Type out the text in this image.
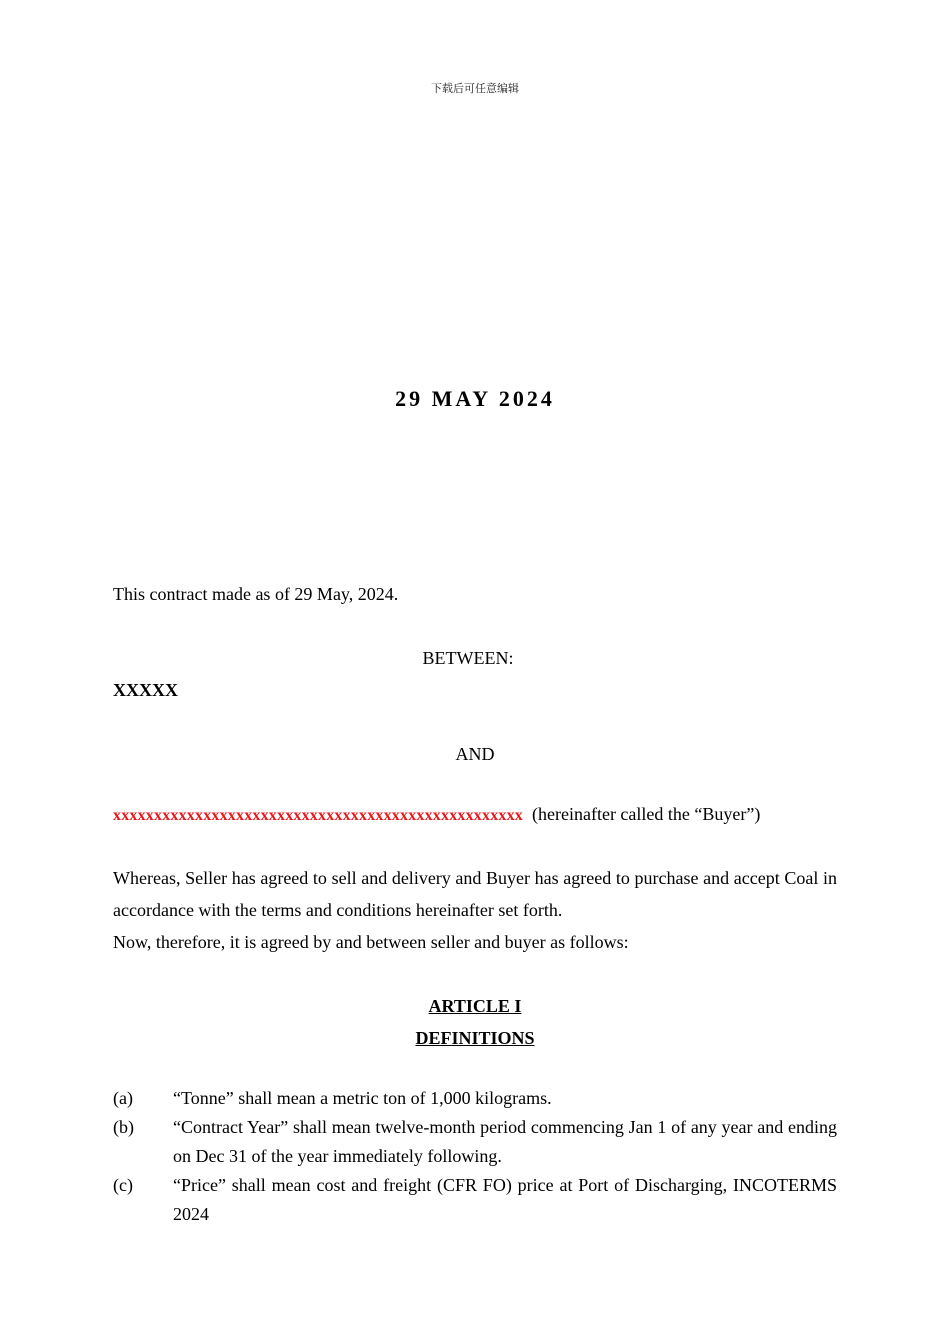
下载后可任意编辑
29 MAY 2024
This contract made as of 29 May, 2024.
BETWEEN:
XXXXX
AND
xxxxxxxxxxxxxxxxxxxxxxxxxxxxxxxxxxxxxxxxxxxxxxxxxx (hereinafter called the “Buyer”)
Whereas, Seller has agreed to sell and delivery and Buyer has agreed to purchase and accept Coal in accordance with the terms and conditions hereinafter set forth.
Now, therefore, it is agreed by and between seller and buyer as follows:
ARTICLE I
DEFINITIONS
(a)	“Tonne” shall mean a metric ton of 1,000 kilograms.
(b)	“Contract Year” shall mean twelve-month period commencing Jan 1 of any year and ending on Dec 31 of the year immediately following.
(c)	“Price” shall mean cost and freight (CFR FO) price at Port of Discharging, INCOTERMS 2024
